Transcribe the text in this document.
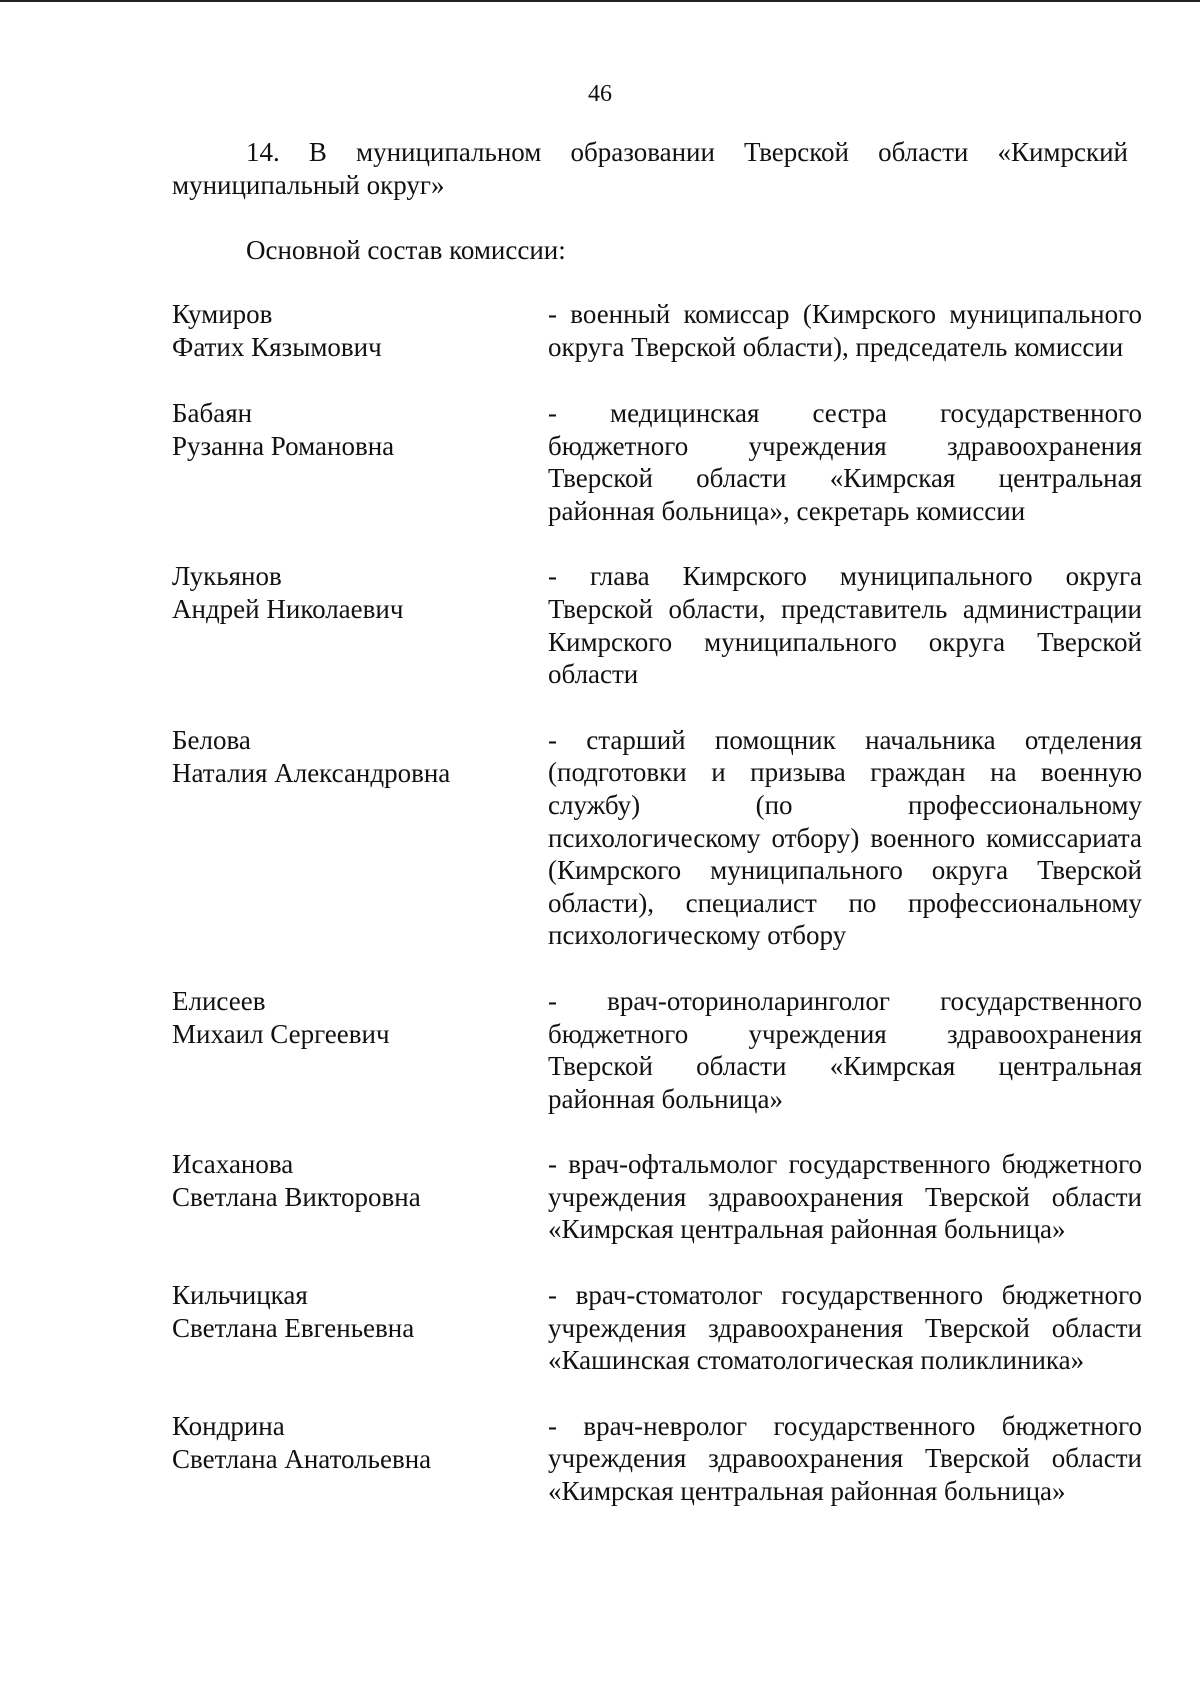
46
14. В муниципальном образовании Тверской области «Кимрский муниципальный округ»
Основной состав комиссии:
Кумиров
Фатих Кязымович
- военный комиссар (Кимрского муниципального округа Тверской области), председатель комиссии
Бабаян
Рузанна Романовна
- медицинская сестра государственного бюджетного учреждения здравоохранения Тверской области «Кимрская центральная районная больница», секретарь комиссии
Лукьянов
Андрей Николаевич
- глава Кимрского муниципального округа Тверской области, представитель администрации Кимрского муниципального округа Тверской области
Белова
Наталия Александровна
- старший помощник начальника отделения (подготовки и призыва граждан на военную службу) (по профессиональному психологическому отбору) военного комиссариата (Кимрского муниципального округа Тверской области), специалист по профессиональному психологическому отбору
Елисеев
Михаил Сергеевич
- врач-оториноларинголог государственного бюджетного учреждения здравоохранения Тверской области «Кимрская центральная районная больница»
Исаханова
Светлана Викторовна
- врач-офтальмолог государственного бюджетного учреждения здравоохранения Тверской области «Кимрская центральная районная больница»
Кильчицкая
Светлана Евгеньевна
- врач-стоматолог государственного бюджетного учреждения здравоохранения Тверской области «Кашинская стоматологическая поликлиника»
Кондрина
Светлана Анатольевна
- врач-невролог государственного бюджетного учреждения здравоохранения Тверской области «Кимрская центральная районная больница»
